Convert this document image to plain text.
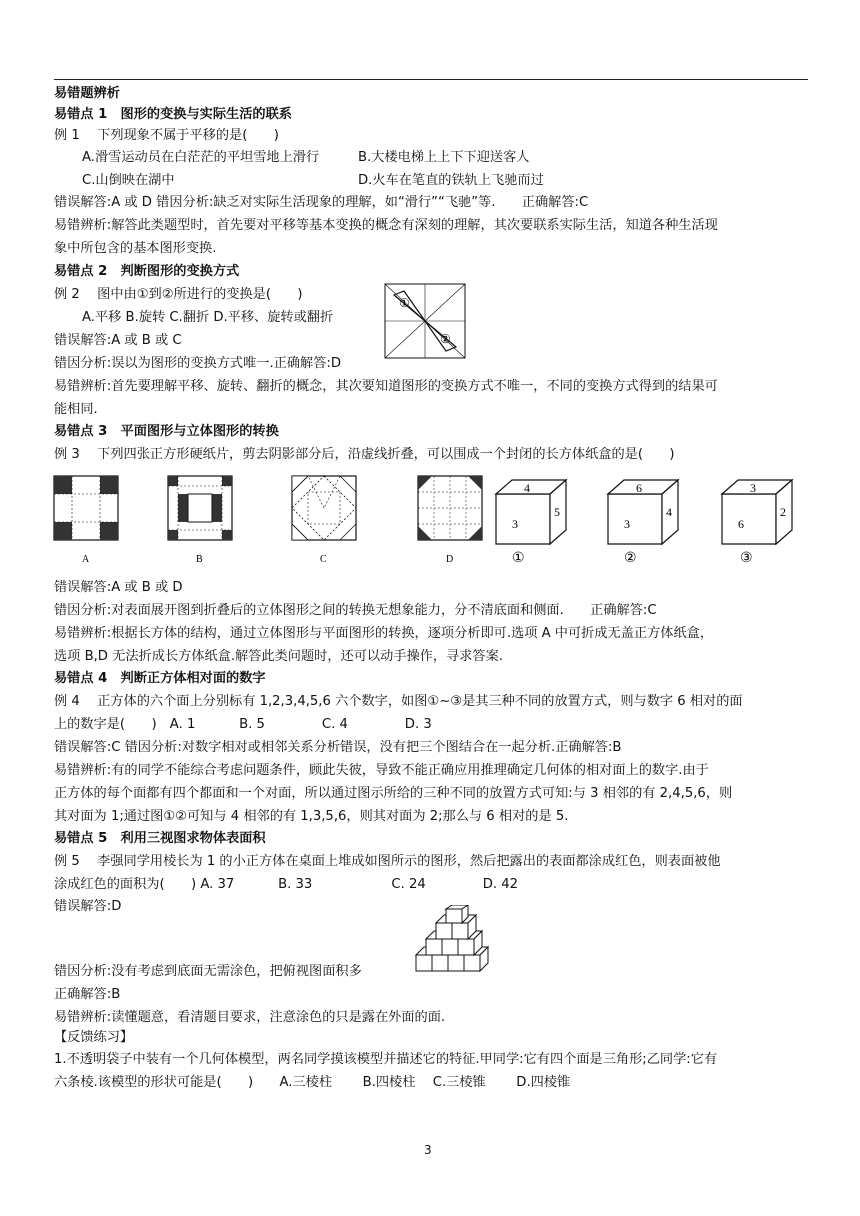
易错题辨析
易错点 1　图形的变换与实际生活的联系
例 1　 下列现象不属于平移的是(　　)
A.滑雪运动员在白茫茫的平坦雪地上滑行	B.大楼电梯上上下下迎送客人
C.山倒映在湖中	D.火车在笔直的铁轨上飞驰而过
错误解答:A 或 D 错因分析:缺乏对实际生活现象的理解，如“滑行”“飞驰”等.　　正确解答:C
易错辨析:解答此类题型时，首先要对平移等基本变换的概念有深刻的理解，其次要联系实际生活，知道各种生活现
象中所包含的基本图形变换.
易错点 2　判断图形的变换方式
例 2　 图中由①到②所进行的变换是(　　)
A.平移 B.旋转 C.翻折 D.平移、旋转或翻折
错误解答:A 或 B 或 C
错因分析:误以为图形的变换方式唯一.正确解答:D
①
②
易错辨析:首先要理解平移、旋转、翻折的概念，其次要知道图形的变换方式不唯一，不同的变换方式得到的结果可
能相同.
易错点 3　平面图形与立体图形的转换
例 3　 下列四张正方形硬纸片，剪去阴影部分后，沿虚线折叠，可以围成一个封闭的长方体纸盒的是(　　)
A	B	C	D
4
3
5
①
6
3
4
②
3
6
2
③
错误解答:A 或 B 或 D
错因分析:对表面展开图到折叠后的立体图形之间的转换无想象能力，分不清底面和侧面.　　正确解答:C
易错辨析:根据长方体的结构，通过立体图形与平面图形的转换，逐项分析即可.选项 A 中可折成无盖正方体纸盒，
选项 B,D 无法折成长方体纸盒.解答此类问题时，还可以动手操作，寻求答案.
易错点 4　判断正方体相对面的数字
例 4　 正方体的六个面上分别标有 1,2,3,4,5,6 六个数字，如图①~③是其三种不同的放置方式，则与数字 6 相对的面
上的数字是(　　)　A. 1　　　 B. 5　　　　 C. 4　　　　 D. 3
错误解答:C 错因分析:对数字相对或相邻关系分析错误，没有把三个图结合在一起分析.正确解答:B
易错辨析:有的同学不能综合考虑问题条件，顾此失彼，导致不能正确应用推理确定几何体的相对面上的数字.由于
正方体的每个面都有四个都面和一个对面，所以通过图示所给的三种不同的放置方式可知:与 3 相邻的有 2,4,5,6，则
其对面为 1;通过图①②可知与 4 相邻的有 1,3,5,6，则其对面为 2;那么与 6 相对的是 5.
易错点 5　利用三视图求物体表面积
例 5　 李强同学用棱长为 1 的小正方体在桌面上堆成如图所示的图形，然后把露出的表面都涂成红色，则表面被他
涂成红色的面积为(　　) A. 37　　　 B. 33　　　　　　C. 24　　　　 D. 42
错误解答:D
错因分析:没有考虑到底面无需涂色，把俯视图面积多
正确解答:B
易错辨析:读懂题意，看清题目要求，注意涂色的只是露在外面的面.
【反馈练习】
1.不透明袋子中装有一个几何体模型，两名同学摸该模型并描述它的特征.甲同学:它有四个面是三角形;乙同学:它有
六条棱.该模型的形状可能是(　　)　　A.三棱柱　　 B.四棱柱　 C.三棱锥　　 D.四棱锥
3
